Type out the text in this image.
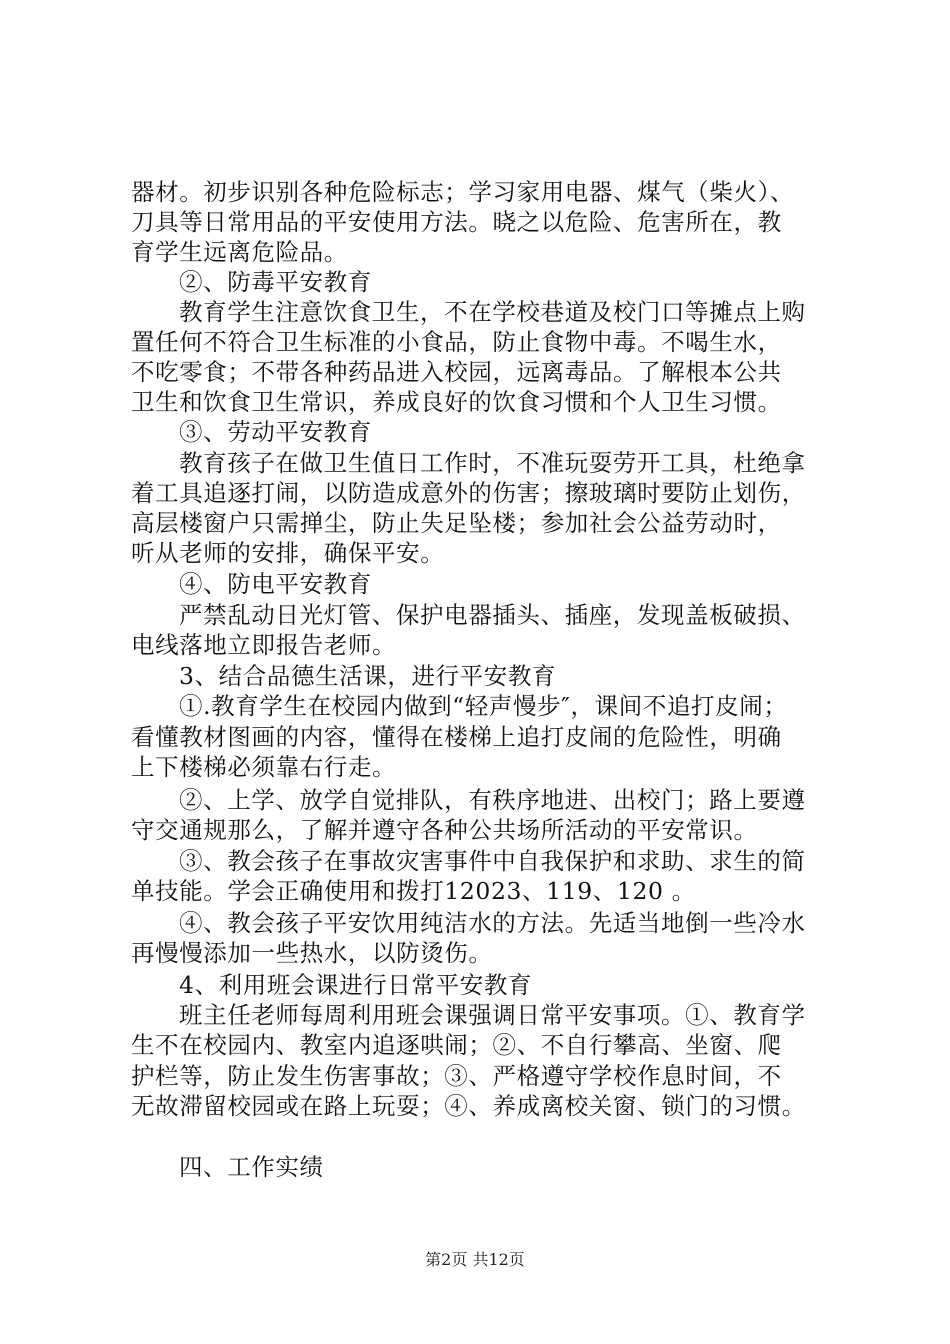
器材。初步识别各种危险标志；学习家用电器、煤气（柴火）、
刀具等日常用品的平安使用方法。晓之以危险、危害所在，教
育学生远离危险品。
②、防毒平安教育
教育学生注意饮食卫生，不在学校巷道及校门口等摊点上购
置任何不符合卫生标准的小食品，防止食物中毒。不喝生水，
不吃零食；不带各种药品进入校园，远离毒品。了解根本公共
卫生和饮食卫生常识，养成良好的饮食习惯和个人卫生习惯。
③、劳动平安教育
教育孩子在做卫生值日工作时，不准玩耍劳开工具，杜绝拿
着工具追逐打闹，以防造成意外的伤害；擦玻璃时要防止划伤，
高层楼窗户只需掸尘，防止失足坠楼；参加社会公益劳动时，
听从老师的安排，确保平安。
④、防电平安教育
严禁乱动日光灯管、保护电器插头、插座，发现盖板破损、
电线落地立即报告老师。
3、结合品德生活课，进行平安教育
①.教育学生在校园内做到“轻声慢步″，课间不追打皮闹；
看懂教材图画的内容，懂得在楼梯上追打皮闹的危险性，明确
上下楼梯必须靠右行走。
②、上学、放学自觉排队，有秩序地进、出校门；路上要遵
守交通规那么，了解并遵守各种公共场所活动的平安常识。
③、教会孩子在事故灾害事件中自我保护和求助、求生的简
单技能。学会正确使用和拨打12023、119、120 。
④、教会孩子平安饮用纯洁水的方法。先适当地倒一些冷水
再慢慢添加一些热水，以防烫伤。
4、利用班会课进行日常平安教育
班主任老师每周利用班会课强调日常平安事项。①、教育学
生不在校园内、教室内追逐哄闹；②、不自行攀高、坐窗、爬
护栏等，防止发生伤害事故；③、严格遵守学校作息时间，不
无故滞留校园或在路上玩耍；④、养成离校关窗、锁门的习惯。
四、工作实绩
第2页 共12页
